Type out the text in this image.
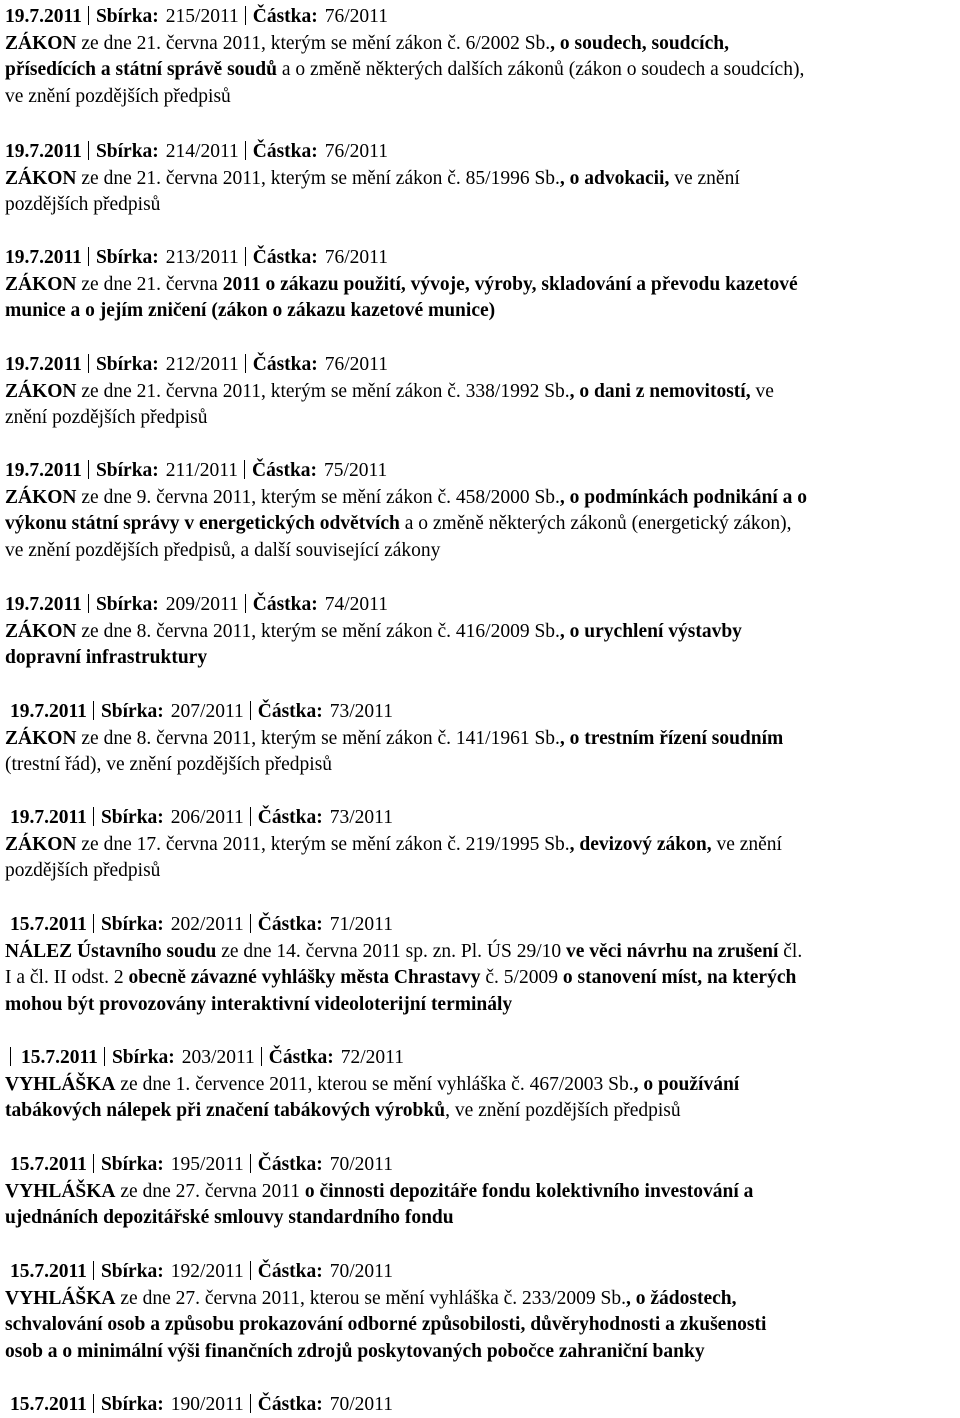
19.7.2011 Sbírka: 215/2011 Částka: 76/2011
ZÁKON ze dne 21. června 2011, kterým se mění zákon č. 6/2002 Sb., o soudech, soudcích,
přísedících a státní správě soudů a o změně některých dalších zákonů (zákon o soudech a soudcích),
ve znění pozdějších předpisů
19.7.2011 Sbírka: 214/2011 Částka: 76/2011
ZÁKON ze dne 21. června 2011, kterým se mění zákon č. 85/1996 Sb., o advokacii, ve znění
pozdějších předpisů
19.7.2011 Sbírka: 213/2011 Částka: 76/2011
ZÁKON ze dne 21. června 2011 o zákazu použití, vývoje, výroby, skladování a převodu kazetové
munice a o jejím zničení (zákon o zákazu kazetové munice)
19.7.2011 Sbírka: 212/2011 Částka: 76/2011
ZÁKON ze dne 21. června 2011, kterým se mění zákon č. 338/1992 Sb., o dani z nemovitostí, ve
znění pozdějších předpisů
19.7.2011 Sbírka: 211/2011 Částka: 75/2011
ZÁKON ze dne 9. června 2011, kterým se mění zákon č. 458/2000 Sb., o podmínkách podnikání a o
výkonu státní správy v energetických odvětvích a o změně některých zákonů (energetický zákon),
ve znění pozdějších předpisů, a další související zákony
19.7.2011 Sbírka: 209/2011 Částka: 74/2011
ZÁKON ze dne 8. června 2011, kterým se mění zákon č. 416/2009 Sb., o urychlení výstavby
dopravní infrastruktury
19.7.2011 Sbírka: 207/2011 Částka: 73/2011
ZÁKON ze dne 8. června 2011, kterým se mění zákon č. 141/1961 Sb., o trestním řízení soudním
(trestní řád), ve znění pozdějších předpisů
19.7.2011 Sbírka: 206/2011 Částka: 73/2011
ZÁKON ze dne 17. června 2011, kterým se mění zákon č. 219/1995 Sb., devizový zákon, ve znění
pozdějších předpisů
15.7.2011 Sbírka: 202/2011 Částka: 71/2011
NÁLEZ Ústavního soudu ze dne 14. června 2011 sp. zn. Pl. ÚS 29/10 ve věci návrhu na zrušení čl.
I a čl. II odst. 2 obecně závazné vyhlášky města Chrastavy č. 5/2009 o stanovení míst, na kterých
mohou být provozovány interaktivní videoloterijní terminály
15.7.2011 Sbírka: 203/2011 Částka: 72/2011
VYHLÁŠKA ze dne 1. července 2011, kterou se mění vyhláška č. 467/2003 Sb., o používání
tabákových nálepek při značení tabákových výrobků, ve znění pozdějších předpisů
15.7.2011 Sbírka: 195/2011 Částka: 70/2011
VYHLÁŠKA ze dne 27. června 2011 o činnosti depozitáře fondu kolektivního investování a
ujednáních depozitářské smlouvy standardního fondu
15.7.2011 Sbírka: 192/2011 Částka: 70/2011
VYHLÁŠKA ze dne 27. června 2011, kterou se mění vyhláška č. 233/2009 Sb., o žádostech,
schvalování osob a způsobu prokazování odborné způsobilosti, důvěryhodnosti a zkušenosti
osob a o minimální výši finančních zdrojů poskytovaných pobočce zahraniční banky
15.7.2011 Sbírka: 190/2011 Částka: 70/2011
